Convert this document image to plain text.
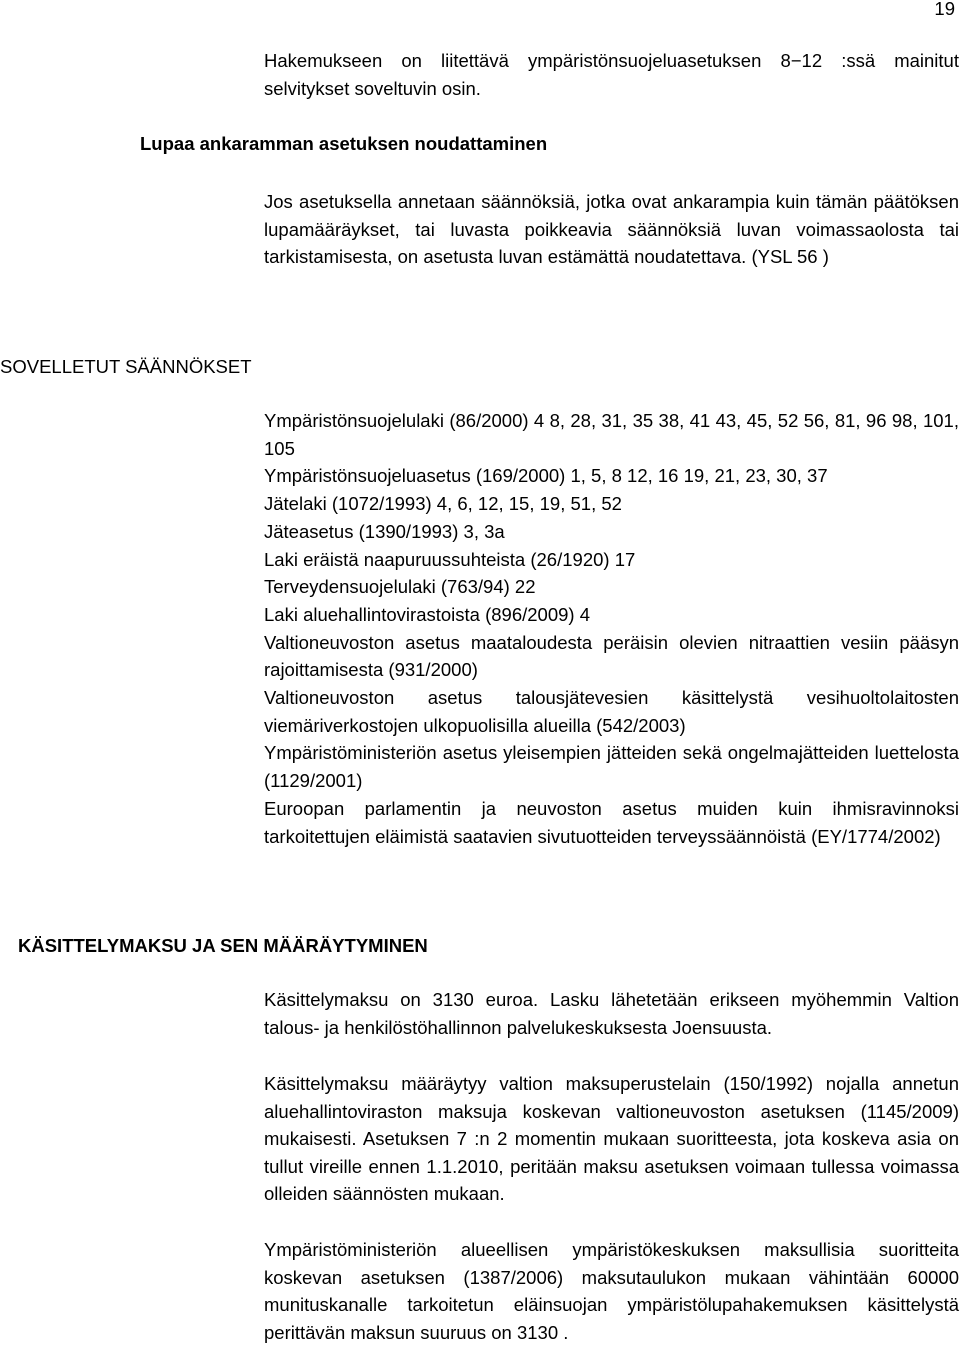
19

Hakemukseen on liitettävä ympäristönsuojeluasetuksen 8−12 :ssä mainitut selvitykset soveltuvin osin.

Lupaa ankaramman asetuksen noudattaminen

Jos asetuksella annetaan säännöksiä, jotka ovat ankarampia kuin tämän päätöksen lupamääräykset, tai luvasta poikkeavia säännöksiä luvan voimassaolosta tai tarkistamisesta, on asetusta luvan estämättä noudatettava. (YSL 56 )

SOVELLETUT SÄÄNNÖKSET
Ympäristönsuojelulaki (86/2000) 4 8, 28, 31, 35 38, 41 43, 45, 52 56, 81, 96 98, 101, 105
Ympäristönsuojeluasetus (169/2000) 1, 5, 8 12, 16 19, 21, 23, 30, 37
Jätelaki (1072/1993) 4, 6, 12, 15, 19, 51, 52
Jäteasetus (1390/1993) 3, 3a
Laki eräistä naapuruussuhteista (26/1920) 17
Terveydensuojelulaki (763/94) 22
Laki aluehallintovirastoista (896/2009) 4
Valtioneuvoston asetus maataloudesta peräisin olevien nitraattien vesiin pääsyn rajoittamisesta (931/2000)
Valtioneuvoston asetus talousjätevesien käsittelystä vesihuoltolaitosten viemäriverkostojen ulkopuolisilla alueilla (542/2003)
Ympäristöministeriön asetus yleisempien jätteiden sekä ongelmajätteiden luettelosta (1129/2001)
Euroopan parlamentin ja neuvoston asetus muiden kuin ihmisravinnoksi tarkoitettujen eläimistä saatavien sivutuotteiden terveyssäännöistä (EY/1774/2002)
KÄSITTELYMAKSU JA SEN MÄÄRÄYTYMINEN

Käsittelymaksu on 3130 euroa. Lasku lähetetään erikseen myöhemmin Valtion talous- ja henkilöstöhallinnon palvelukeskuksesta Joensuusta.

Käsittelymaksu määräytyy valtion maksuperustelain (150/1992) nojalla annetun aluehallintoviraston maksuja koskevan valtioneuvoston asetuksen (1145/2009) mukaisesti. Asetuksen 7 :n 2 momentin mukaan suoritteesta, jota koskeva asia on tullut vireille ennen 1.1.2010, peritään maksu asetuksen voimaan tullessa voimassa olleiden säännösten mukaan.

Ympäristöministeriön alueellisen ympäristökeskuksen maksullisia suoritteita koskevan asetuksen (1387/2006) maksutaulukon mukaan vähintään 60000 munituskanalle tarkoitetun eläinsuojan ympäristölupahakemuksen käsittelystä perittävän maksun suuruus on 3130 .
